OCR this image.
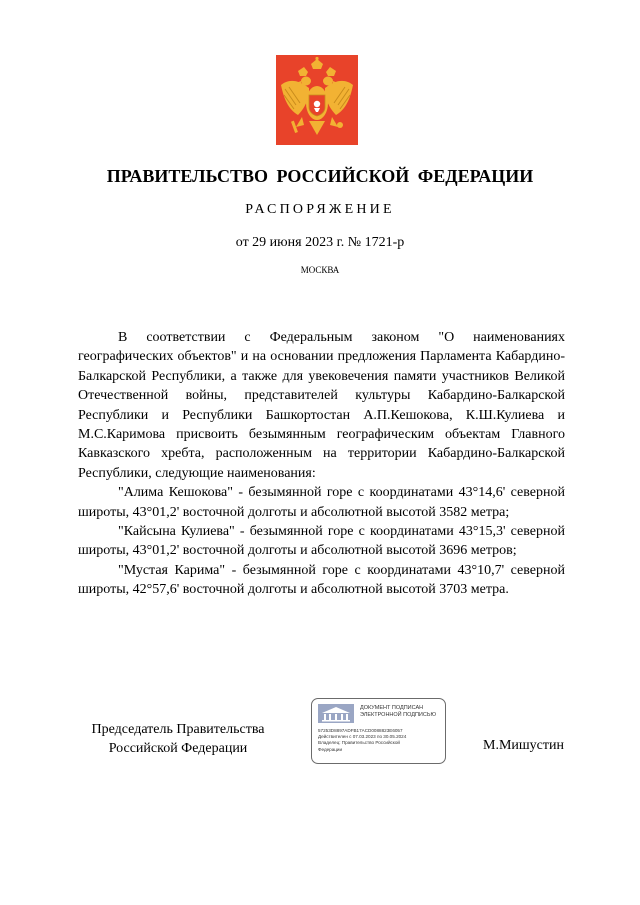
ПРАВИТЕЛЬСТВО РОССИЙСКОЙ ФЕДЕРАЦИИ
РАСПОРЯЖЕНИЕ
от 29 июня 2023 г. № 1721-р
МОСКВА

В соответствии с Федеральным законом "О наименованиях географических объектов" и на основании предложения Парламента Кабардино-Балкарской Республики, а также для увековечения памяти участников Великой Отечественной войны, представителей культуры Кабардино-Балкарской Республики и Республики Башкортостан А.П.Кешокова, К.Ш.Кулиева и М.С.Каримова присвоить безымянным географическим объектам Главного Кавказского хребта, расположенным на территории Кабардино-Балкарской Республики, следующие наименования:

"Алима Кешокова" - безымянной горе с координатами 43°14,6' северной широты, 43°01,2' восточной долготы и абсолютной высотой 3582 метра;

"Кайсына Кулиева" - безымянной горе с координатами 43°15,3' северной широты, 43°01,2' восточной долготы и абсолютной высотой 3696 метров;

"Мустая Карима" - безымянной горе с координатами 43°10,7' северной широты, 42°57,6' восточной долготы и абсолютной высотой 3703 метра.

Председатель Правительства
Российской Федерации
ДОКУМЕНТ ПОДПИСАН
ЭЛЕКТРОННОЙ ПОДПИСЬЮ
57253D8897ADFB17ACD0088823E6057
Действителен с 07.03.2023 по 30.05.2024
Владелец: Правительство Российской
Федерации	М.Мишустин
